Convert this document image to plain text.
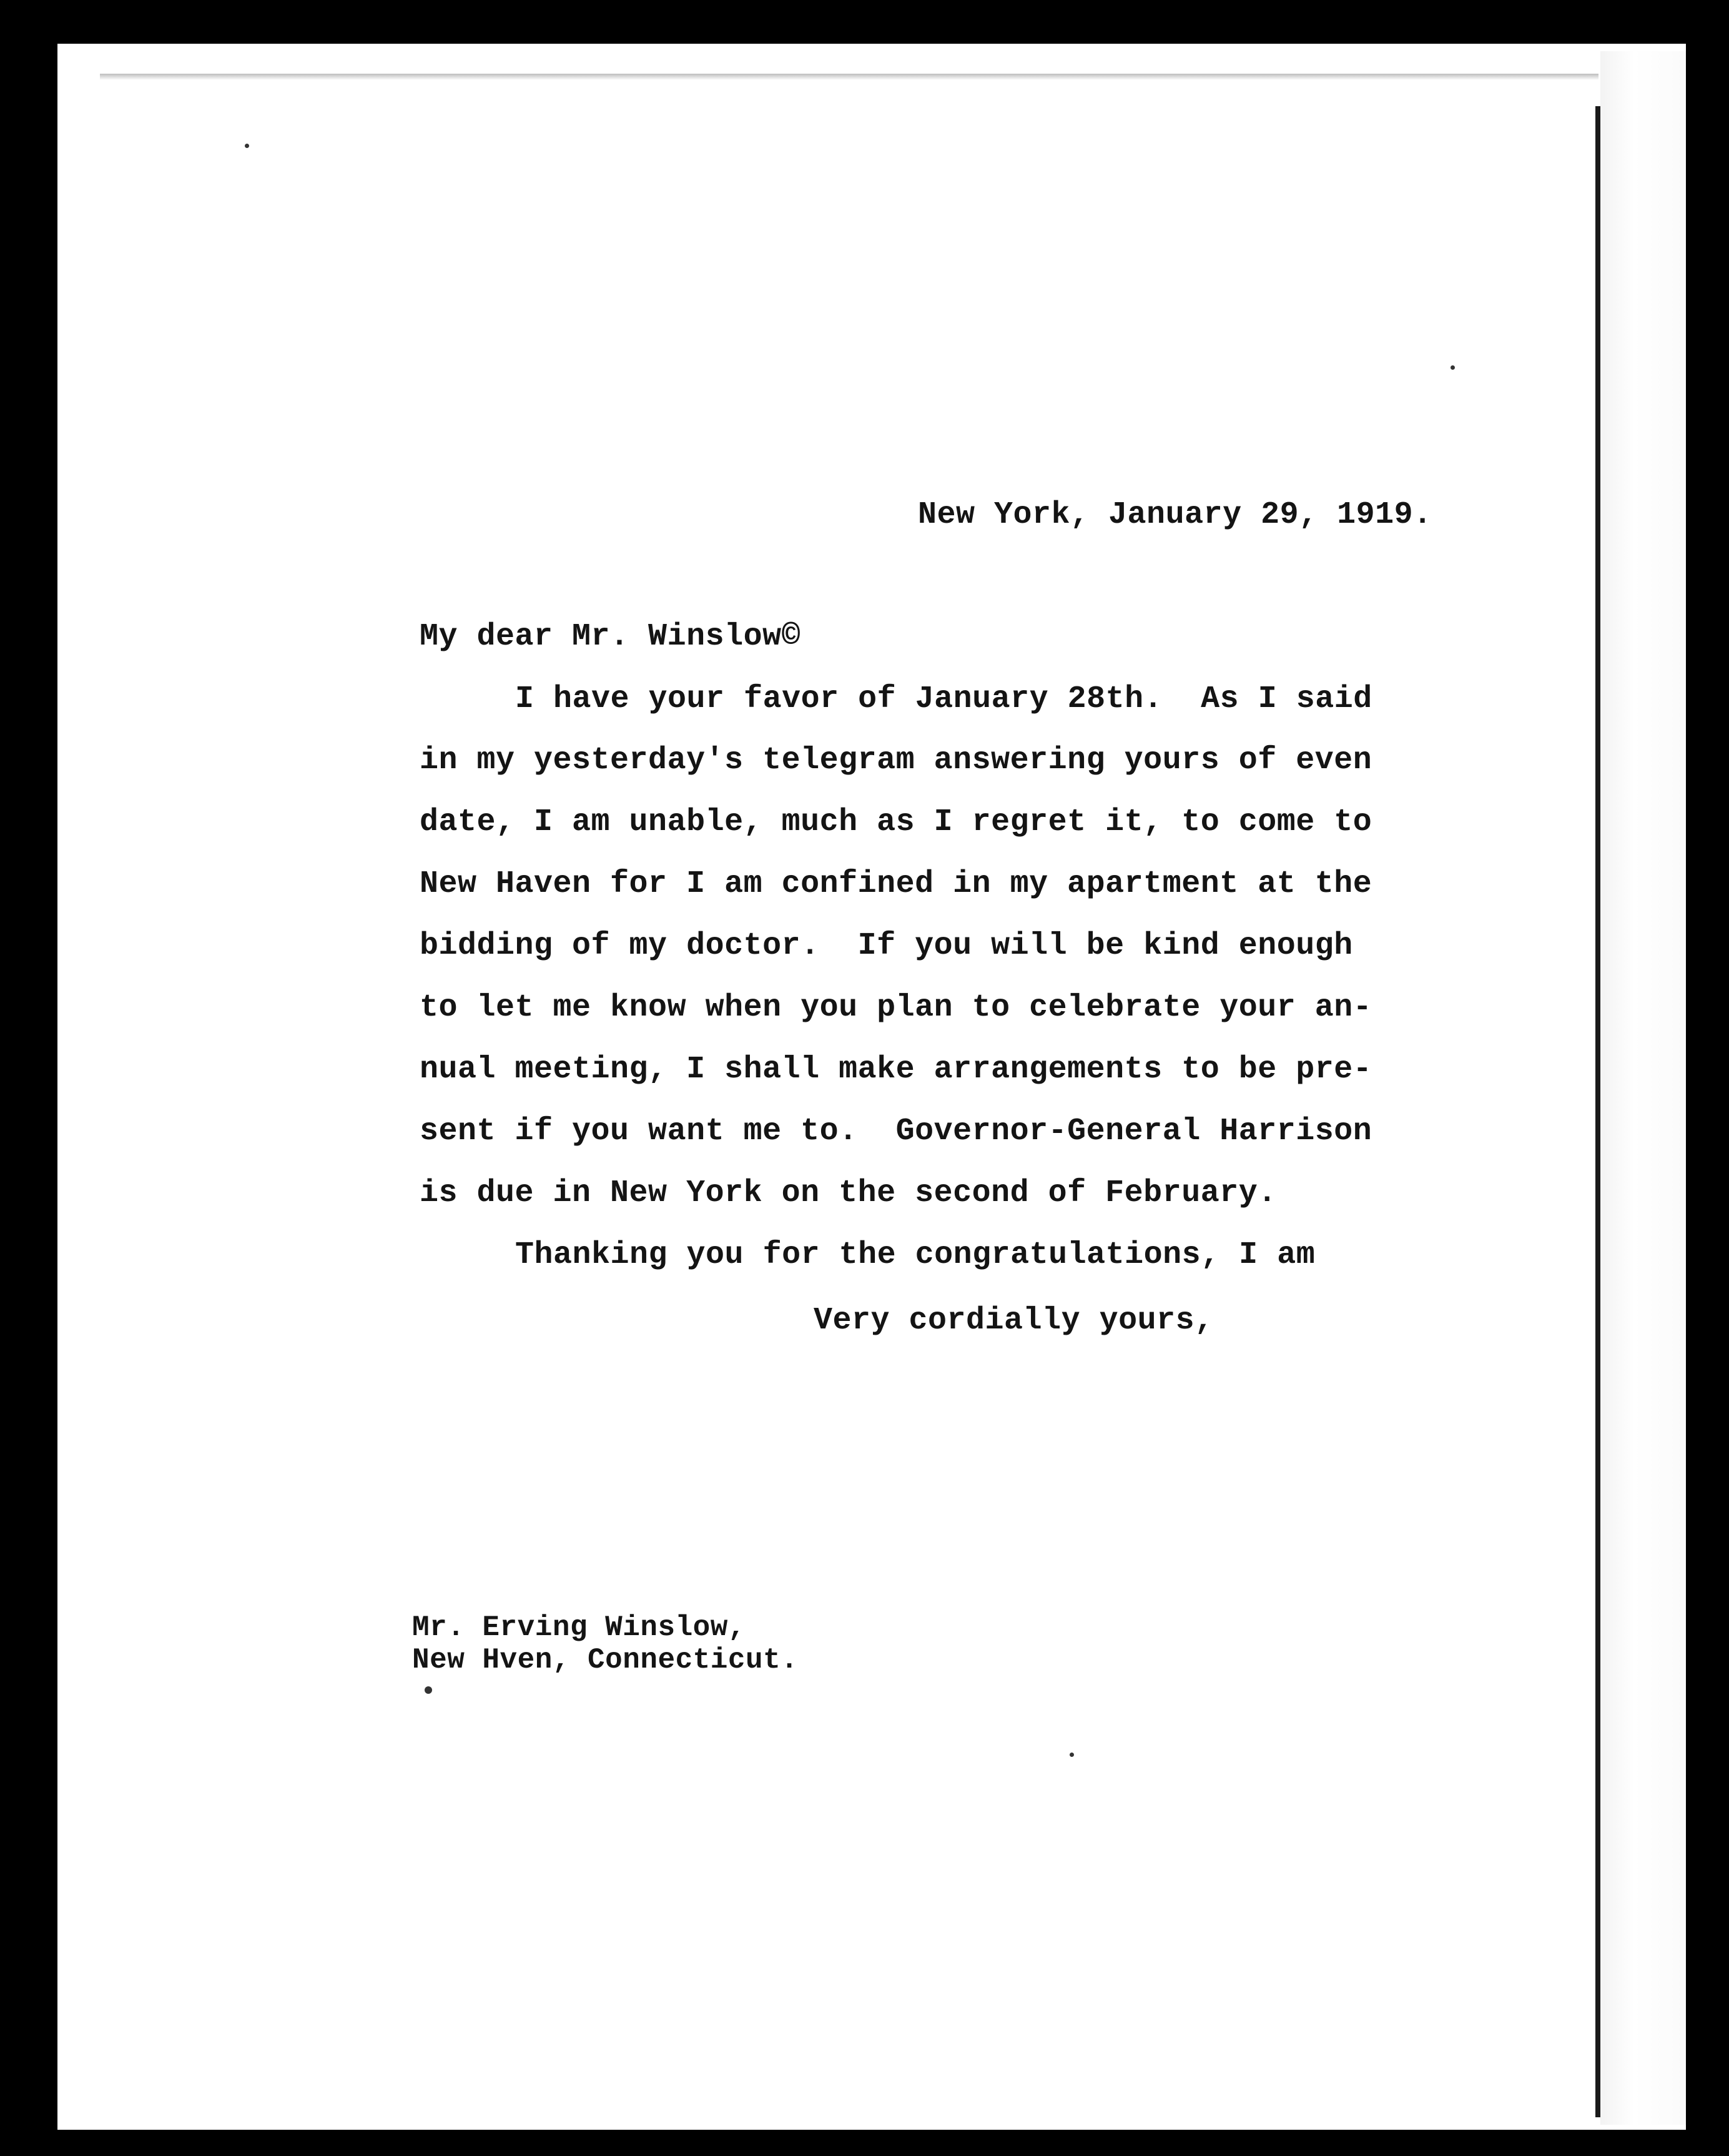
New York, January 29, 1919.

My dear Mr. Winslow©

I have your favor of January 28th.  As I said

in my yesterday's telegram answering yours of even

date, I am unable, much as I regret it, to come to

New Haven for I am confined in my apartment at the

bidding of my doctor.  If you will be kind enough

to let me know when you plan to celebrate your an-

nual meeting, I shall make arrangements to be pre-

sent if you want me to.  Governor-General Harrison

is due in New York on the second of February.

Thanking you for the congratulations, I am

Very cordially yours,

Mr. Erving Winslow,

New Hven, Connecticut.
